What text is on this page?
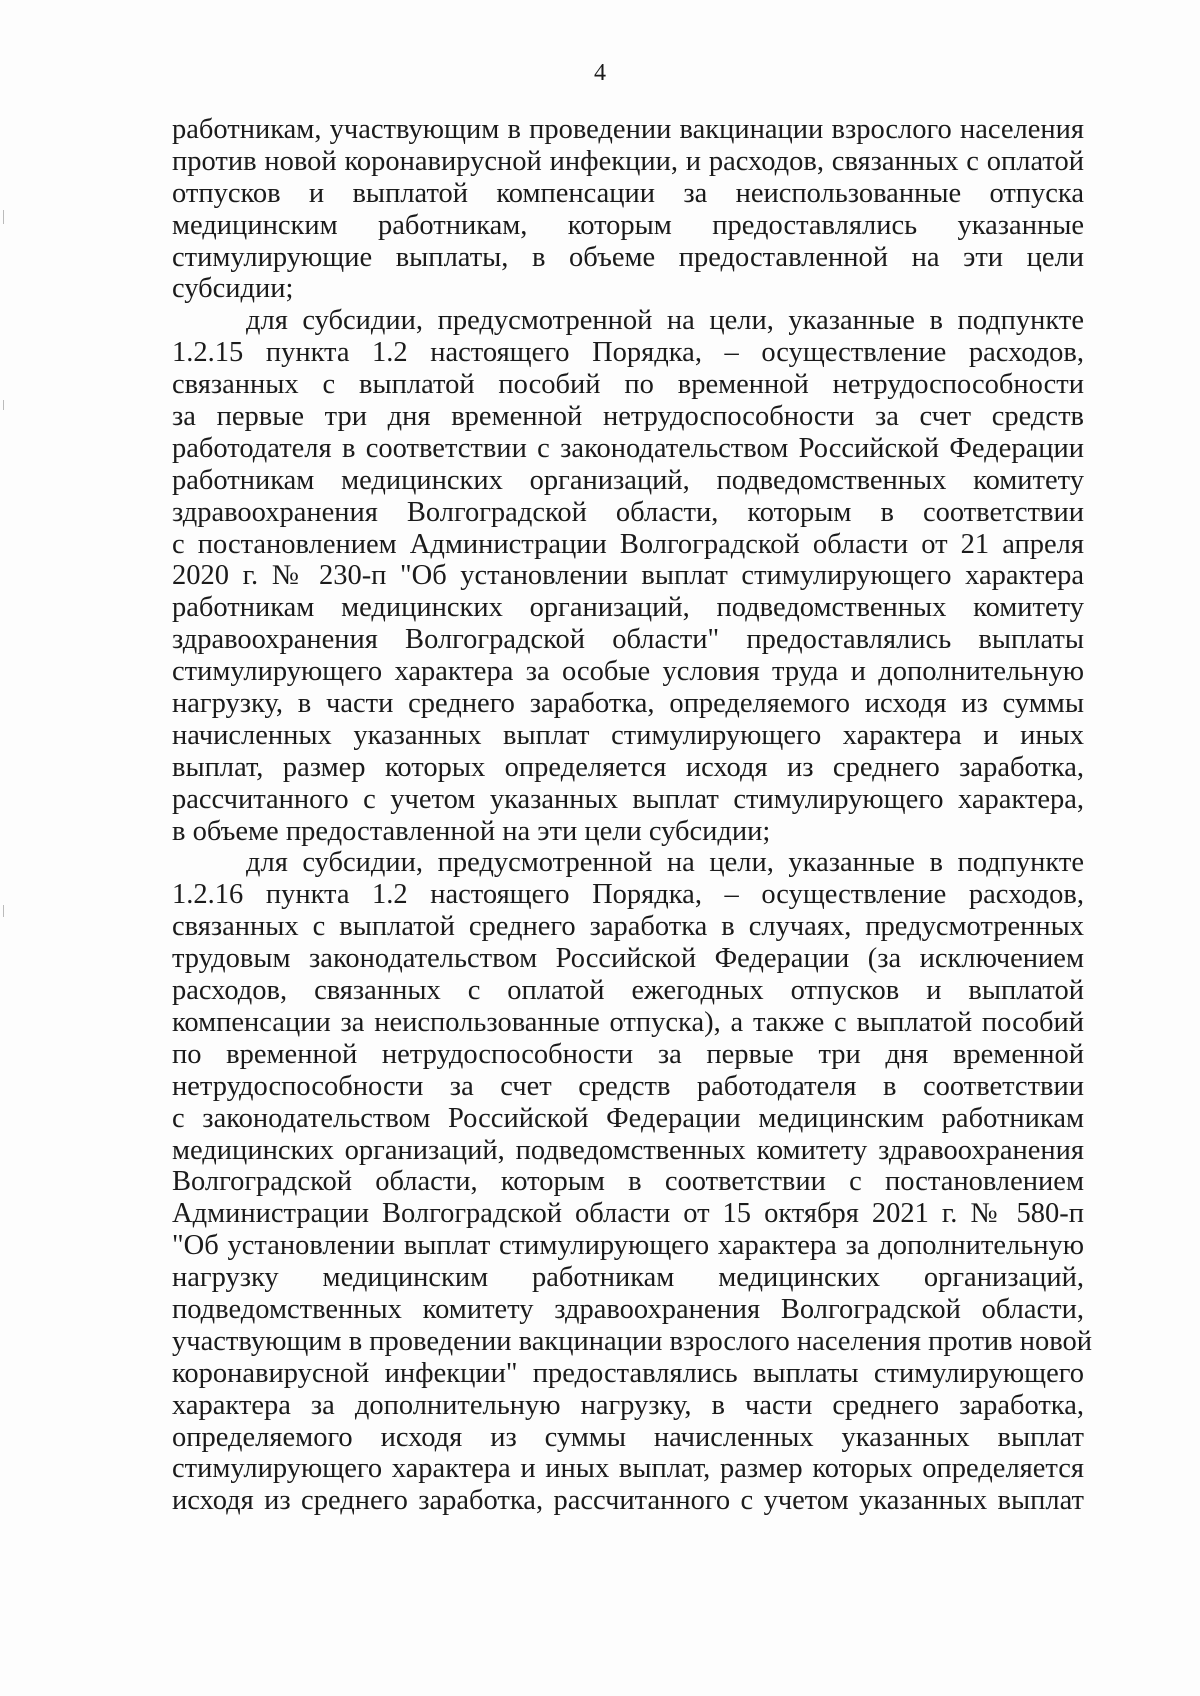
4
работникам, участвующим в проведении вакцинации взрослого населения
против новой коронавирусной инфекции, и расходов, связанных с оплатой
отпусков и выплатой компенсации за неиспользованные отпуска
медицинским работникам, которым предоставлялись указанные
стимулирующие выплаты, в объеме предоставленной на эти цели
субсидии;
для субсидии, предусмотренной на цели, указанные в подпункте
1.2.15 пункта 1.2 настоящего Порядка, – осуществление расходов,
связанных с выплатой пособий по временной нетрудоспособности
за первые три дня временной нетрудоспособности за счет средств
работодателя в соответствии с законодательством Российской Федерации
работникам медицинских организаций, подведомственных комитету
здравоохранения Волгоградской области, которым в соответствии
с постановлением Администрации Волгоградской области от 21 апреля
2020 г. № 230-п "Об установлении выплат стимулирующего характера
работникам медицинских организаций, подведомственных комитету
здравоохранения Волгоградской области" предоставлялись выплаты
стимулирующего характера за особые условия труда и дополнительную
нагрузку, в части среднего заработка, определяемого исходя из суммы
начисленных указанных выплат стимулирующего характера и иных
выплат, размер которых определяется исходя из среднего заработка,
рассчитанного с учетом указанных выплат стимулирующего характера,
в объеме предоставленной на эти цели субсидии;
для субсидии, предусмотренной на цели, указанные в подпункте
1.2.16 пункта 1.2 настоящего Порядка, – осуществление расходов,
связанных с выплатой среднего заработка в случаях, предусмотренных
трудовым законодательством Российской Федерации (за исключением
расходов, связанных с оплатой ежегодных отпусков и выплатой
компенсации за неиспользованные отпуска), а также с выплатой пособий
по временной нетрудоспособности за первые три дня временной
нетрудоспособности за счет средств работодателя в соответствии
с законодательством Российской Федерации медицинским работникам
медицинских организаций, подведомственных комитету здравоохранения
Волгоградской области, которым в соответствии с постановлением
Администрации Волгоградской области от 15 октября 2021 г. № 580-п
"Об установлении выплат стимулирующего характера за дополнительную
нагрузку медицинским работникам медицинских организаций,
подведомственных комитету здравоохранения Волгоградской области,
участвующим в проведении вакцинации взрослого населения против новой
коронавирусной инфекции" предоставлялись выплаты стимулирующего
характера за дополнительную нагрузку, в части среднего заработка,
определяемого исходя из суммы начисленных указанных выплат
стимулирующего характера и иных выплат, размер которых определяется
исходя из среднего заработка, рассчитанного с учетом указанных выплат
